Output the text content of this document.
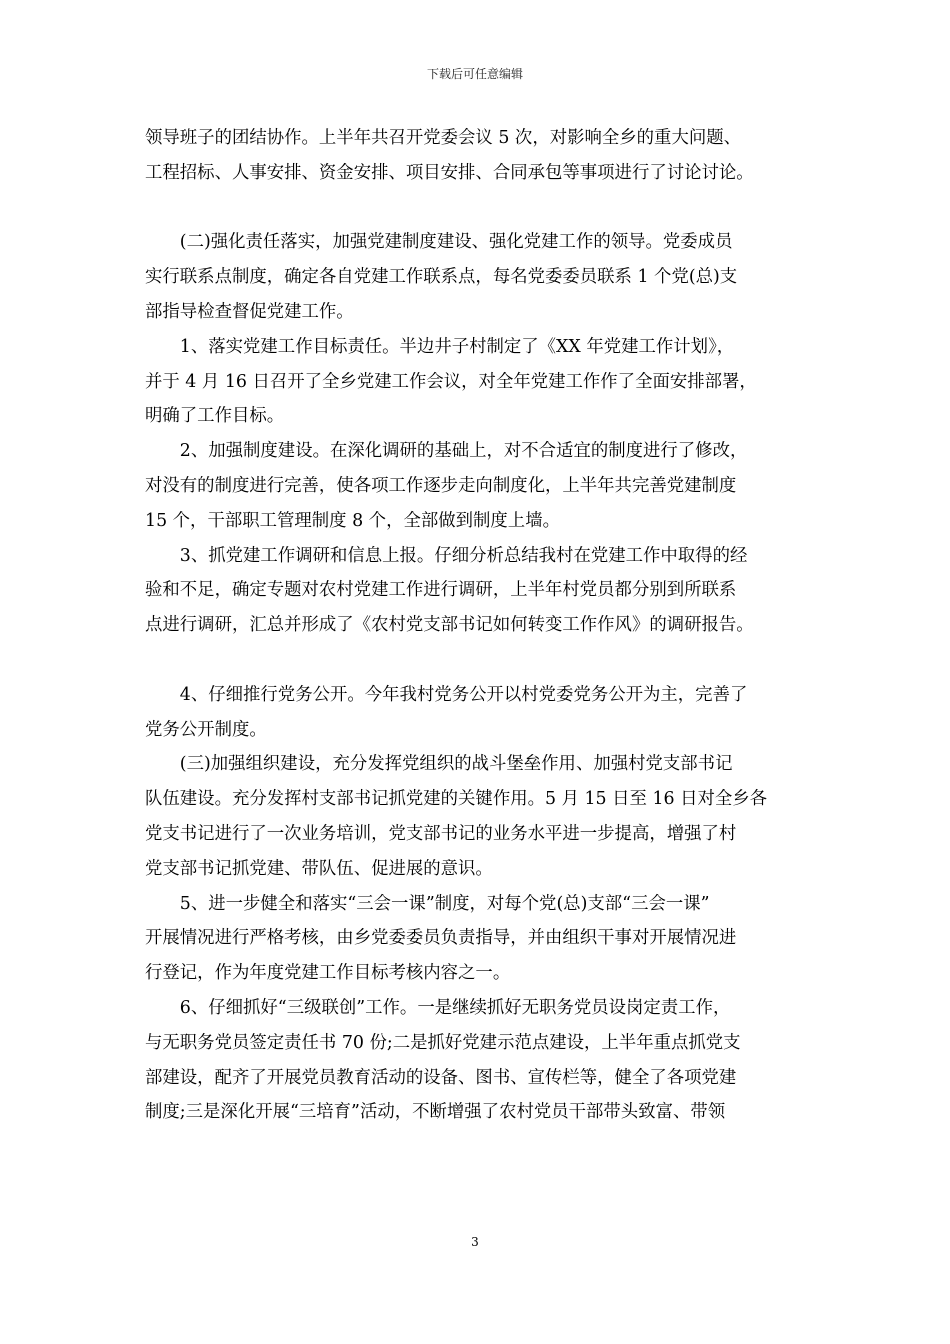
下载后可任意编辑

领导班子的团结协作。上半年共召开党委会议 5 次，对影响全乡的重大问题、

工程招标、人事安排、资金安排、项目安排、合同承包等事项进行了讨论讨论。

　　(二)强化责任落实，加强党建制度建设、强化党建工作的领导。党委成员

实行联系点制度，确定各自党建工作联系点，每名党委委员联系 1 个党(总)支

部指导检查督促党建工作。

　　1、落实党建工作目标责任。半边井子村制定了《XX 年党建工作计划》，

并于 4 月 16 日召开了全乡党建工作会议，对全年党建工作作了全面安排部署，

明确了工作目标。

　　2、加强制度建设。在深化调研的基础上，对不合适宜的制度进行了修改，

对没有的制度进行完善，使各项工作逐步走向制度化，上半年共完善党建制度

15 个，干部职工管理制度 8 个，全部做到制度上墙。

　　3、抓党建工作调研和信息上报。仔细分析总结我村在党建工作中取得的经

验和不足，确定专题对农村党建工作进行调研，上半年村党员都分别到所联系

点进行调研，汇总并形成了《农村党支部书记如何转变工作作风》的调研报告。

　　4、仔细推行党务公开。今年我村党务公开以村党委党务公开为主，完善了

党务公开制度。

　　(三)加强组织建设，充分发挥党组织的战斗堡垒作用、加强村党支部书记

队伍建设。充分发挥村支部书记抓党建的关键作用。5 月 15 日至 16 日对全乡各

党支书记进行了一次业务培训，党支部书记的业务水平进一步提高，增强了村

党支部书记抓党建、带队伍、促进展的意识。

　　5、进一步健全和落实“三会一课”制度，对每个党(总)支部“三会一课”

开展情况进行严格考核，由乡党委委员负责指导，并由组织干事对开展情况进

行登记，作为年度党建工作目标考核内容之一。

　　6、仔细抓好“三级联创”工作。一是继续抓好无职务党员设岗定责工作，

与无职务党员签定责任书 70 份;二是抓好党建示范点建设，上半年重点抓党支

部建设，配齐了开展党员教育活动的设备、图书、宣传栏等，健全了各项党建

制度;三是深化开展“三培育”活动，不断增强了农村党员干部带头致富、带领

3
